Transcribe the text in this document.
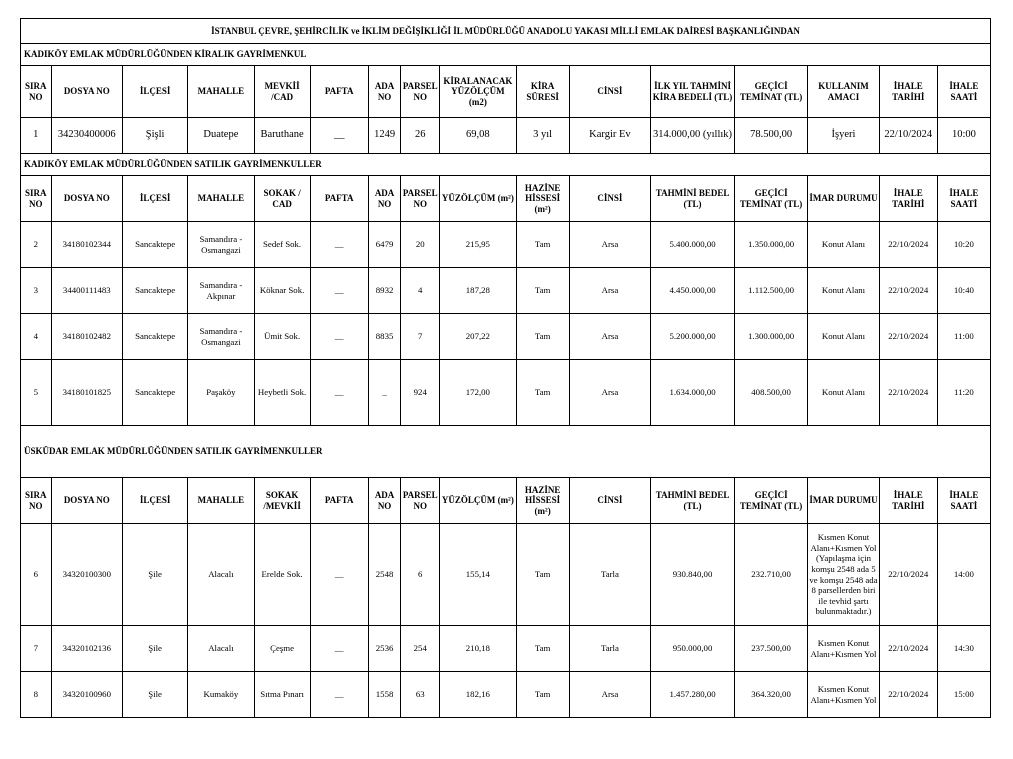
İSTANBUL ÇEVRE, ŞEHİRCİLİK ve İKLİM DEĞİŞİKLİĞİ İL MÜDÜRLÜĞÜ ANADOLU YAKASI MİLLİ EMLAK DAİRESİ BAŞKANLIĞINDAN															
KADIKÖY EMLAK MÜDÜRLÜĞÜNDEN KİRALIK GAYRİMENKUL															
SIRA NO	DOSYA NO	İLÇESİ	MAHALLE	MEVKİİ /CAD	PAFTA	ADA NO	PARSEL NO	KİRALANACAK YÜZÖLÇÜM (m2)	KİRA SÜRESİ	CİNSİ	İLK YIL TAHMİNİ KİRA BEDELİ (TL)	GEÇİCİ TEMİNAT (TL)	KULLANIM AMACI	İHALE TARİHİ	İHALE SAATİ
1	34230400006	Şişli	Duatepe	Baruthane	__	1249	26	69,08	3 yıl	Kargir Ev	314.000,00 (yıllık)	78.500,00	İşyeri	22/10/2024	10:00
KADIKÖY EMLAK MÜDÜRLÜĞÜNDEN SATILIK GAYRİMENKULLER															
SIRA NO	DOSYA NO	İLÇESİ	MAHALLE	SOKAK / CAD	PAFTA	ADA NO	PARSEL NO	YÜZÖLÇÜM (m²)	HAZİNE HİSSESİ (m²)	CİNSİ	TAHMİNİ BEDEL (TL)	GEÇİCİ TEMİNAT (TL)	İMAR DURUMU	İHALE TARİHİ	İHALE SAATİ
2	34180102344	Sancaktepe	Samandıra - Osmangazi	Sedef Sok.	__	6479	20	215,95	Tam	Arsa	5.400.000,00	1.350.000,00	Konut Alanı	22/10/2024	10:20
3	34400111483	Sancaktepe	Samandıra - Akpınar	Köknar Sok.	__	8932	4	187,28	Tam	Arsa	4.450.000,00	1.112.500,00	Konut Alanı	22/10/2024	10:40
4	34180102482	Sancaktepe	Samandıra - Osmangazi	Ümit Sok.	__	8835	7	207,22	Tam	Arsa	5.200.000,00	1.300.000,00	Konut Alanı	22/10/2024	11:00
5	34180101825	Sancaktepe	Paşaköy	Heybetli Sok.	__	_	924	172,00	Tam	Arsa	1.634.000,00	408.500,00	Konut Alanı	22/10/2024	11:20
ÜSKÜDAR EMLAK MÜDÜRLÜĞÜNDEN SATILIK GAYRİMENKULLER															
SIRA NO	DOSYA NO	İLÇESİ	MAHALLE	SOKAK /MEVKİİ	PAFTA	ADA NO	PARSEL NO	YÜZÖLÇÜM (m²)	HAZİNE HİSSESİ (m²)	CİNSİ	TAHMİNİ BEDEL (TL)	GEÇİCİ TEMİNAT (TL)	İMAR DURUMU	İHALE TARİHİ	İHALE SAATİ
6	34320100300	Şile	Alacalı	Erelde Sok.	__	2548	6	155,14	Tam	Tarla	930.840,00	232.710,00	Kısmen Konut Alanı+Kısmen Yol (Yapılaşma için komşu 2548 ada 5 ve komşu 2548 ada 8 parsellerden biri ile tevhid şartı bulunmaktadır.)	22/10/2024	14:00
7	34320102136	Şile	Alacalı	Çeşme	__	2536	254	210,18	Tam	Tarla	950.000,00	237.500,00	Kısmen Konut Alanı+Kısmen Yol	22/10/2024	14:30
8	34320100960	Şile	Kumaköy	Sıtma Pınarı	__	1558	63	182,16	Tam	Arsa	1.457.280,00	364.320,00	Kısmen Konut Alanı+Kısmen Yol	22/10/2024	15:00
